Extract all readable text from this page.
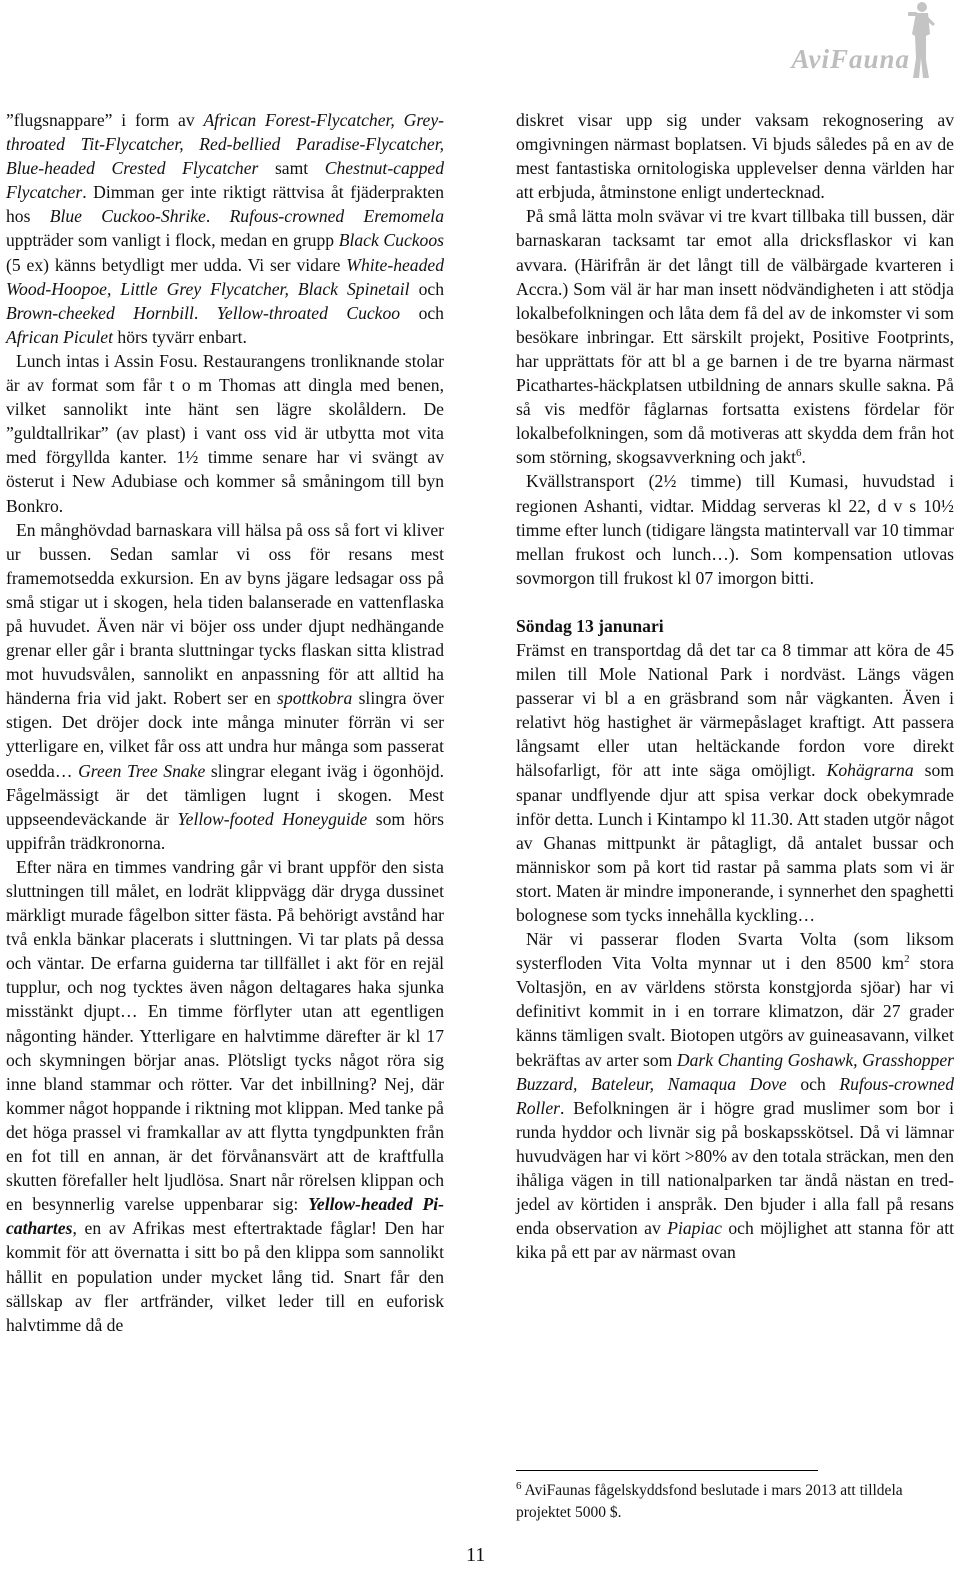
AviFauna

”flugsnappare” i form av African Forest-Flycatcher, Grey-throated Tit-Flycatcher, Red-bellied Paradise-Flycatcher, Blue-headed Crested Flycatcher samt Chestnut-capped Flycatcher. Dimman ger inte riktigt rättvisa åt fjäderprakten hos Blue Cuckoo-Shrike. Rufous-crowned Eremomela uppträder som vanligt i flock, medan en grupp Black Cuckoos (5 ex) känns betydligt mer udda. Vi ser vidare White-headed Wood-Hoopoe, Little Grey Flycatcher, Black Spinetail och Brown-cheeked Hornbill. Yellow-throated Cuckoo och African Piculet hörs tyvärr enbart.

Lunch intas i Assin Fosu. Restaurangens tronliknande stolar är av format som får t o m Thomas att dingla med benen, vilket sannolikt inte hänt sen lägre skolåldern. De ”guldtallrikar” (av plast) i vant oss vid är utbytta mot vita med förgyllda kanter. 1½ timme senare har vi svängt av österut i New Adubiase och kommer så småningom till byn Bonkro.

En månghövdad barnaskara vill hälsa på oss så fort vi kliver ur bussen. Sedan samlar vi oss för resans mest framemotsedda exkursion. En av byns jägare ledsagar oss på små stigar ut i skogen, hela tiden balanserade en vattenflaska på huvudet. Även när vi böjer oss under djupt nedhängande grenar eller går i branta sluttningar tycks flaskan sitta klistrad mot huvudsvålen, sannolikt en anpassning för att alltid ha händerna fria vid jakt. Robert ser en spottkobra slingra över stigen. Det dröjer dock inte många minuter förrän vi ser ytterligare en, vilket får oss att undra hur många som passerat osedda… Green Tree Snake slingrar elegant iväg i ögonhöjd. Fågelmässigt är det tämligen lugnt i skogen. Mest uppseendeväckande är Yellow-footed Honeyguide som hörs uppifrån trädkronorna.

Efter nära en timmes vandring går vi brant uppför den sista sluttningen till målet, en lodrät klippvägg där dryga dussinet märkligt murade fågelbon sitter fästa. På behörigt avstånd har två enkla bänkar placerats i sluttningen. Vi tar plats på dessa och väntar. De erfarna guiderna tar tillfället i akt för en rejäl tupplur, och nog tycktes även någon deltagares haka sjunka misstänkt djupt… En timme förflyter utan att egentligen någonting händer. Ytterligare en halvtimme därefter är kl 17 och skymningen börjar anas. Plötsligt tycks något röra sig inne bland stammar och rötter. Var det inbillning? Nej, där kommer något hoppande i riktning mot klippan. Med tanke på det höga prassel vi framkallar av att flytta tyngdpunkten från en fot till en annan, är det förvånansvärt att de kraftfulla skutten förefaller helt ljudlösa. Snart når rörelsen klippan och en besynnerlig varelse uppenbarar sig: Yellow-headed Picathartes, en av Afrikas mest eftertraktade fåglar! Den har kommit för att övernatta i sitt bo på den klippa som sannolikt hållit en population under mycket lång tid. Snart får den sällskap av fler artfränder, vilket leder till en euforisk halvtimme då de

diskret visar upp sig under vaksam rekognosering av omgivningen närmast boplatsen. Vi bjuds således på en av de mest fantastiska ornitologiska upplevelser denna världen har att erbjuda, åtminstone enligt undertecknad.

På små lätta moln svävar vi tre kvart tillbaka till bussen, där barnaskaran tacksamt tar emot alla dricksflaskor vi kan avvara. (Härifrån är det långt till de välbärgade kvarteren i Accra.) Som väl är har man insett nödvändigheten i att stödja lokalbefolkningen och låta dem få del av de inkomster vi som besökare inbringar. Ett särskilt projekt, Positive Footprints, har upprättats för att bl a ge barnen i de tre byarna närmast Picathartes-häckplatsen utbildning de annars skulle sakna. På så vis medför fåglarnas fortsatta existens fördelar för lokalbefolkningen, som då motiveras att skydda dem från hot som störning, skogsavverkning och jakt$^6$.

Kvällstransport (2½ timme) till Kumasi, huvudstad i regionen Ashanti, vidtar. Middag serveras kl 22, d v s 10½ timme efter lunch (tidigare längsta matintervall var 10 timmar mellan frukost och lunch…). Som kompensation utlovas sovmorgon till frukost kl 07 imorgon bitti.

Söndag 13 janunari

Främst en transportdag då det tar ca 8 timmar att köra de 45 milen till Mole National Park i nordväst. Längs vägen passerar vi bl a en gräsbrand som når vägkanten. Även i relativt hög hastighet är värmepåslaget kraftigt. Att passera långsamt eller utan heltäckande fordon vore direkt hälsofarligt, för att inte säga omöjligt. Kohägrarna som spanar undflyende djur att spisa verkar dock obekymrade inför detta. Lunch i Kintampo kl 11.30. Att staden utgör något av Ghanas mittpunkt är påtagligt, då antalet bussar och människor som på kort tid rastar på samma plats som vi är stort. Maten är mindre imponerande, i synnerhet den spaghetti bolognese som tycks innehålla kyckling…

När vi passerar floden Svarta Volta (som liksom systerfloden Vita Volta mynnar ut i den 8500 $km^2$ stora Voltasjön, en av världens största konstgjorda sjöar) har vi definitivt kommit in i en torrare klimatzon, där 27 grader känns tämligen svalt. Biotopen utgörs av guineasavann, vilket bekräftas av arter som Dark Chanting Goshawk, Grasshopper Buzzard, Bateleur, Namaqua Dove och Rufous-crowned Roller. Befolkningen är i högre grad muslimer som bor i runda hyddor och livnär sig på boskapsskötsel. Då vi lämnar huvudvägen har vi kört >80% av den totala sträckan, men den ihåliga vägen in till nationalparken tar ändå nästan en tredjedel av körtiden i anspråk. Den bjuder i alla fall på resans enda observation av Piapiac och möjlighet att stanna för att kika på ett par av närmast ovan

$^6$ AviFaunas fågelskyddsfond beslutade i mars 2013 att tilldela projektet 5000 $.
11
